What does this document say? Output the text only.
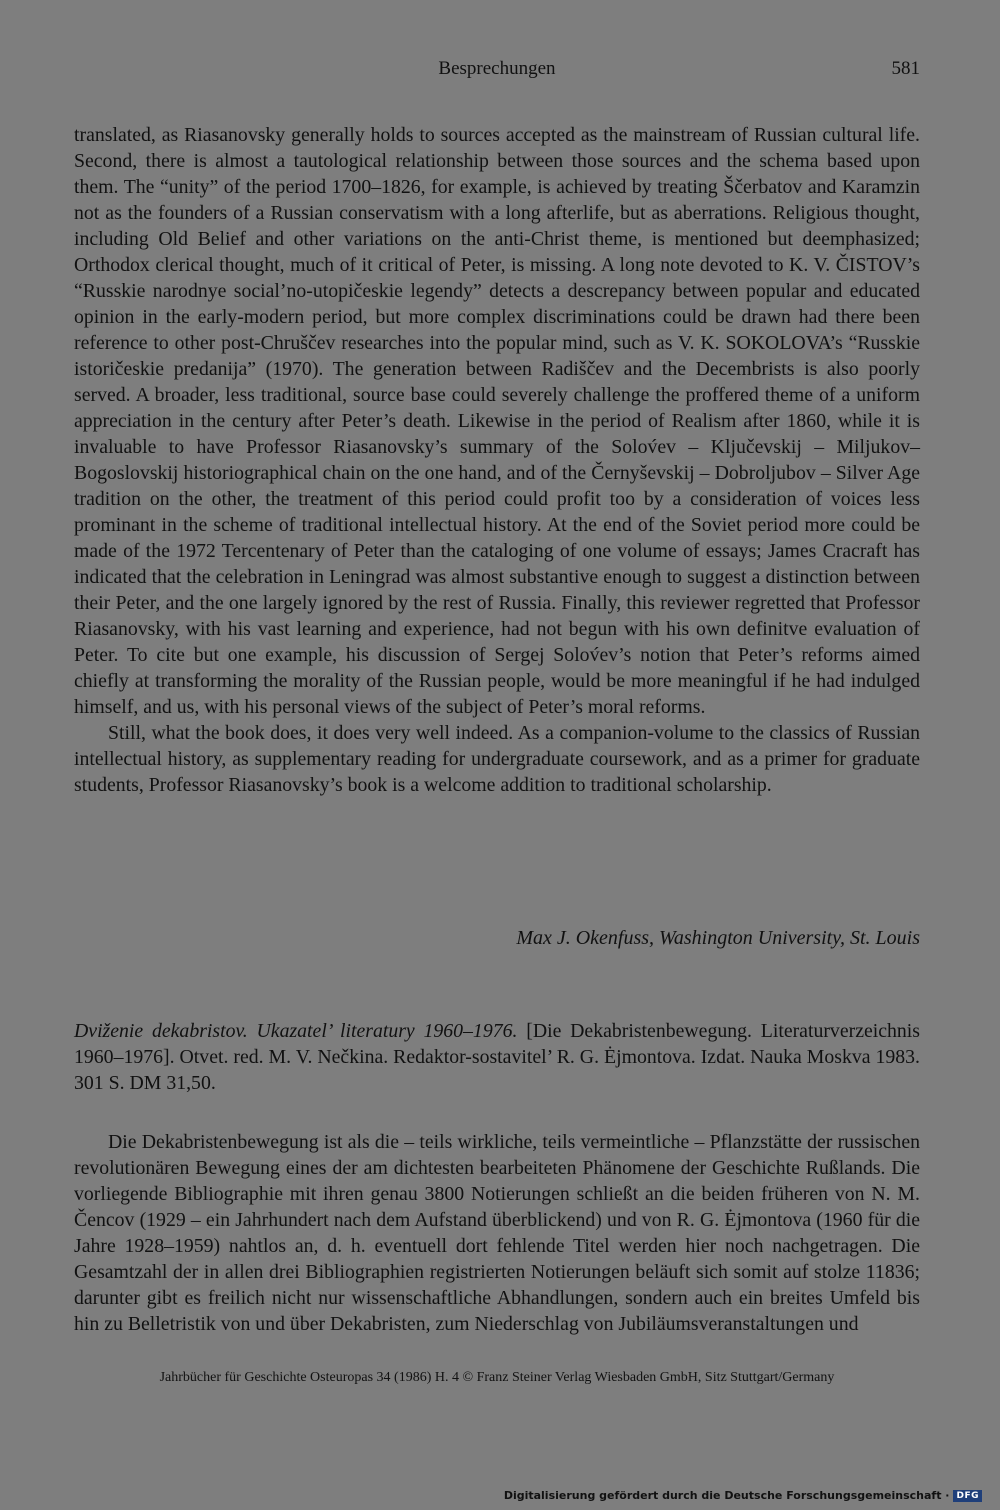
Besprechungen	581

translated, as Riasanovsky generally holds to sources accepted as the mainstream of Russian cultural life. Second, there is almost a tautological relationship between those sources and the schema based upon them. The “unity” of the period 1700–1826, for example, is achieved by treating Ščerbatov and Karamzin not as the founders of a Russian conservatism with a long afterlife, but as aberrations. Religious thought, including Old Belief and other variations on the anti-Christ theme, is mentioned but deemphasized; Orthodox clerical thought, much of it critical of Peter, is missing. A long note devoted to K. V. ČISTOV’s “Russkie narodnye social’no-utopičeskie legendy” detects a descrepancy between popular and educated opinion in the early-modern period, but more complex discriminations could be drawn had there been reference to other post-Chruščev researches into the popular mind, such as V. K. SOKOLOVA’s “Russkie istoričeskie predanija” (1970). The generation between Radiščev and the Decembrists is also poorly served. A broader, less traditional, source base could severely challenge the proffered theme of a uniform appreciation in the century after Peter’s death. Likewise in the period of Realism after 1860, while it is invaluable to have Professor Riasanovsky’s summary of the Solov́ev – Ključevskij – Miljukov– Bogoslovskij historiographical chain on the one hand, and of the Černyševskij – Dobroljubov – Silver Age tradition on the other, the treatment of this period could profit too by a consideration of voices less prominant in the scheme of traditional intellectual history. At the end of the Soviet period more could be made of the 1972 Tercentenary of Peter than the cataloging of one volume of essays; James Cracraft has indicated that the celebration in Leningrad was almost substantive enough to suggest a distinction between their Peter, and the one largely ignored by the rest of Russia. Finally, this reviewer regretted that Professor Riasanovsky, with his vast learning and experience, had not begun with his own definitve evaluation of Peter. To cite but one example, his discussion of Sergej Solov́ev’s notion that Peter’s reforms aimed chiefly at transforming the morality of the Russian people, would be more meaningful if he had indulged himself, and us, with his personal views of the subject of Peter’s moral reforms.

Still, what the book does, it does very well indeed. As a companion-volume to the classics of Russian intellectual history, as supplementary reading for undergraduate coursework, and as a primer for graduate students, Professor Riasanovsky’s book is a welcome addition to traditional scholarship.

Max J. Okenfuss, Washington University, St. Louis
Dviženie dekabristov. Ukazatel’ literatury 1960–1976. [Die Dekabristenbewegung. Literaturverzeichnis 1960–1976]. Otvet. red. M. V. Nečkina. Redaktor-sostavitel’ R. G. Ėjmontova. Izdat. Nauka Moskva 1983. 301 S. DM 31,50.

Die Dekabristenbewegung ist als die – teils wirkliche, teils vermeintliche – Pflanzstätte der russischen revolutionären Bewegung eines der am dichtesten bearbeiteten Phänomene der Geschichte Rußlands. Die vorliegende Bibliographie mit ihren genau 3800 Notierungen schließt an die beiden früheren von N. M. Čencov (1929 – ein Jahrhundert nach dem Aufstand überblickend) und von R. G. Ėjmontova (1960 für die Jahre 1928–1959) nahtlos an, d. h. eventuell dort fehlende Titel werden hier noch nachgetragen. Die Gesamtzahl der in allen drei Bibliographien registrierten Notierungen beläuft sich somit auf stolze 11836; darunter gibt es freilich nicht nur wissenschaftliche Abhandlungen, sondern auch ein breites Umfeld bis hin zu Belletristik von und über Dekabristen, zum Niederschlag von Jubiläumsveranstaltungen und

Jahrbücher für Geschichte Osteuropas 34 (1986) H. 4 © Franz Steiner Verlag Wiesbaden GmbH, Sitz Stuttgart/Germany
Digitalisierung gefördert durch die Deutsche Forschungsgemeinschaft · DFG
